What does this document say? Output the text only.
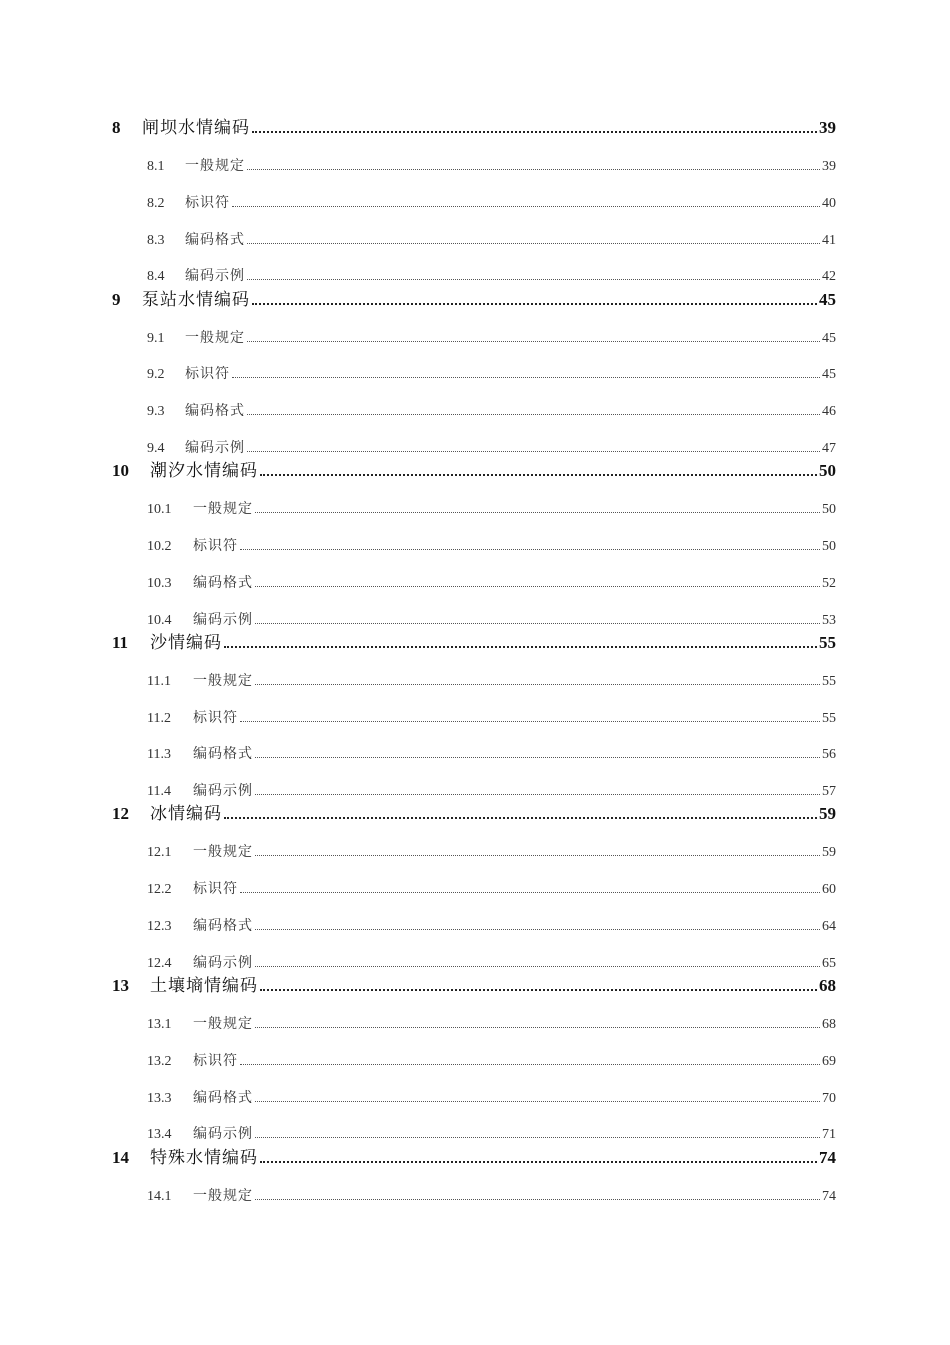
8	闸坝水情编码	39
8.1	一般规定	39
8.2	标识符	40
8.3	编码格式	41
8.4	编码示例	42
9	泵站水情编码	45
9.1	一般规定	45
9.2	标识符	45
9.3	编码格式	46
9.4	编码示例	47
10	潮汐水情编码	50
10.1	一般规定	50
10.2	标识符	50
10.3	编码格式	52
10.4	编码示例	53
11	沙情编码	55
11.1	一般规定	55
11.2	标识符	55
11.3	编码格式	56
11.4	编码示例	57
12	冰情编码	59
12.1	一般规定	59
12.2	标识符	60
12.3	编码格式	64
12.4	编码示例	65
13	土壤墒情编码	68
13.1	一般规定	68
13.2	标识符	69
13.3	编码格式	70
13.4	编码示例	71
14	特殊水情编码	74
14.1	一般规定	74
